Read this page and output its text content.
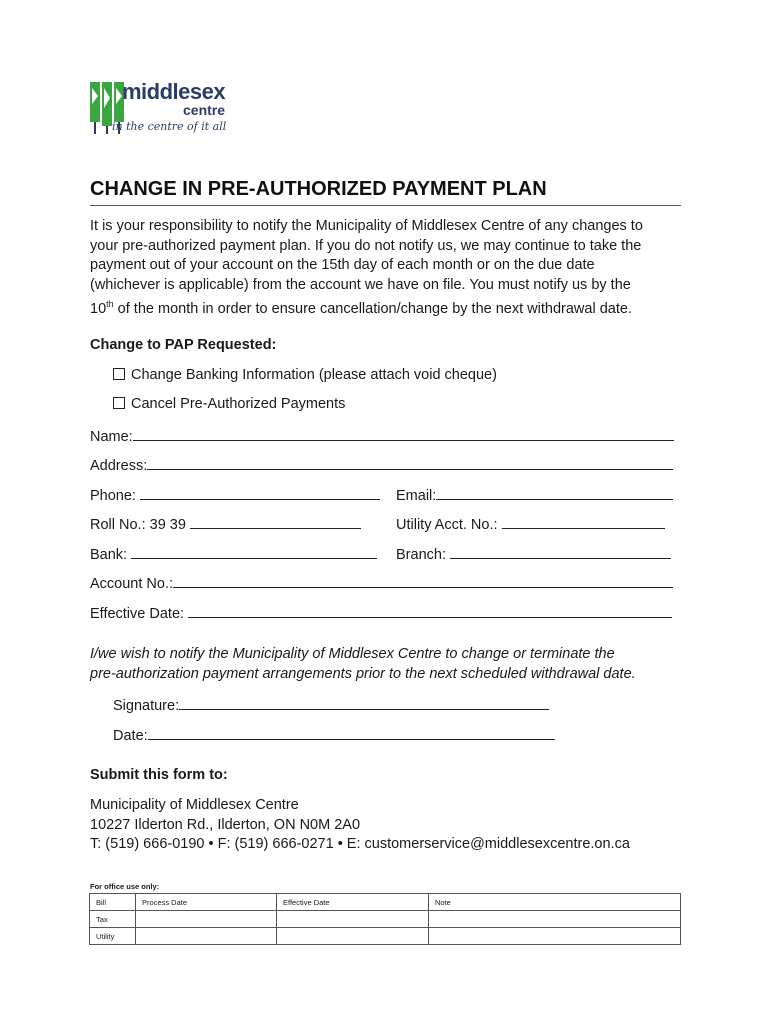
middlesex
centre
in the centre of it all
CHANGE IN PRE-AUTHORIZED PAYMENT PLAN
It is your responsibility to notify the Municipality of Middlesex Centre of any changes to
your pre-authorized payment plan. If you do not notify us, we may continue to take the
payment out of your account on the 15th day of each month or on the due date
(whichever is applicable) from the account we have on file. You must notify us by the
10th of the month in order to ensure cancellation/change by the next withdrawal date.
Change to PAP Requested:
Change Banking Information (please attach void cheque)
Cancel Pre-Authorized Payments
Name:
Address:
Phone:	Email:
Roll No.: 39 39	Utility Acct. No.:
Bank:	Branch:
Account No.:
Effective Date:
I/we wish to notify the Municipality of Middlesex Centre to change or terminate the
pre-authorization payment arrangements prior to the next scheduled withdrawal date.
Signature:
Date:
Submit this form to:
Municipality of Middlesex Centre
10227 Ilderton Rd., Ilderton, ON N0M 2A0
T: (519) 666-0190 • F: (519) 666-0271 • E: customerservice@middlesexcentre.on.ca
For office use only:
Bill	Process Date	Effective Date	Note
Tax			
Utility			
